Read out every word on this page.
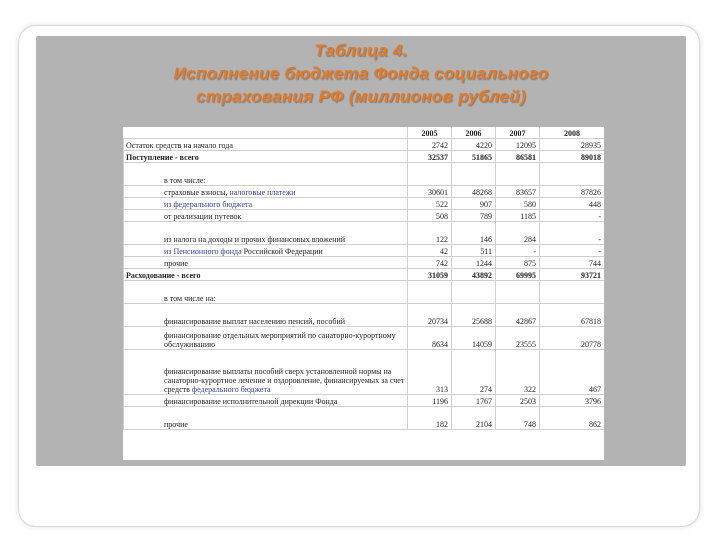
Таблица 4.
Исполнение бюджета Фонда социального
страхования РФ (миллионов рублей)
	2005	2006	2007	2008
Остаток средств на начало года	2742	4220	12095	28935
Поступление - всего	32537	51865	86581	89018
в том числе:				
страховые взносы, налоговые платежи	30601	48268	83657	87826
из федерального бюджета	522	907	580	448
от реализации путевок	508	789	1185	-
из налога на доходы и прочих финансовых вложений	122	146	284	-
из Пенсионного фонда Российской Федерации	42	511	-	-
прочие	742	1244	875	744
Расходование - всего	31059	43892	69995	93721
в том числе на:				
финансирование выплат населению пенсий, пособий	20734	25688	42867	67818
финансирование отдельных мероприятий по санаторно-курортному обслуживанию	8634	14059	23555	20778
финансирование выплаты пособий сверх установленной нормы на санаторно-курортное лечение и оздоровление, финансируемых за счет средств федерального бюджета	313	274	322	467
финансирование исполнительной дирекции Фонда	1196	1767	2503	3796
прочие	182	2104	748	862
